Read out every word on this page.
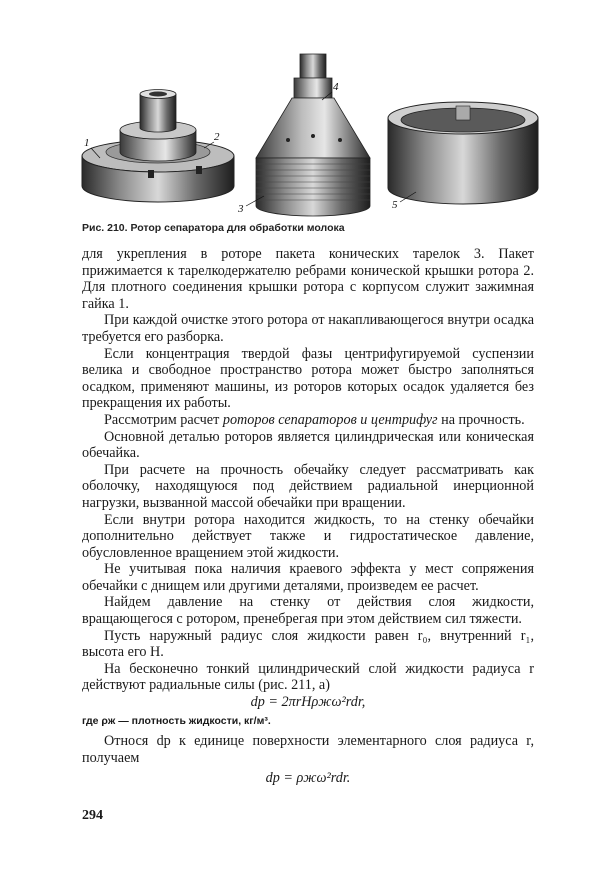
1	2
4
3	5
Рис. 210. Ротор сепаратора для обработки молока

для укрепления в роторе пакета конических тарелок 3. Пакет прижимается к тарелкодержателю ребрами конической крышки ротора 2. Для плотного соединения крышки ротора с корпусом служит зажимная гайка 1.

При каждой очистке этого ротора от накапливающегося внутри осадка требуется его разборка.

Если концентрация твердой фазы центрифугируемой суспензии велика и свободное пространство ротора может быстро заполняться осадком, применяют машины, из роторов которых осадок удаляется без прекращения их работы.

Рассмотрим расчет роторов сепараторов и центрифуг на прочность.

Основной деталью роторов является цилиндрическая или коническая обечайка.

При расчете на прочность обечайку следует рассматривать как оболочку, находящуюся под действием радиальной инерционной нагрузки, вызванной массой обечайки при вращении.

Если внутри ротора находится жидкость, то на стенку обечайки дополнительно действует также и гидростатическое давление, обусловленное вращением этой жидкости.

Не учитывая пока наличия краевого эффекта у мест сопряжения обечайки с днищем или другими деталями, произведем ее расчет.

Найдем давление на стенку от действия слоя жидкости, вращающегося с ротором, пренебрегая при этом действием сил тяжести.

Пусть наружный радиус слоя жидкости равен r₀, внутренний r₁, высота его H.

На бесконечно тонкий цилиндрический слой жидкости радиуса r действуют радиальные силы (рис. 211, а)

dp = 2πrHρжω²rdr,

где ρж — плотность жидкости, кг/м³.

Относя dp к единице поверхности элементарного слоя радиуса r, получаем

dp = ρжω²rdr.

294
